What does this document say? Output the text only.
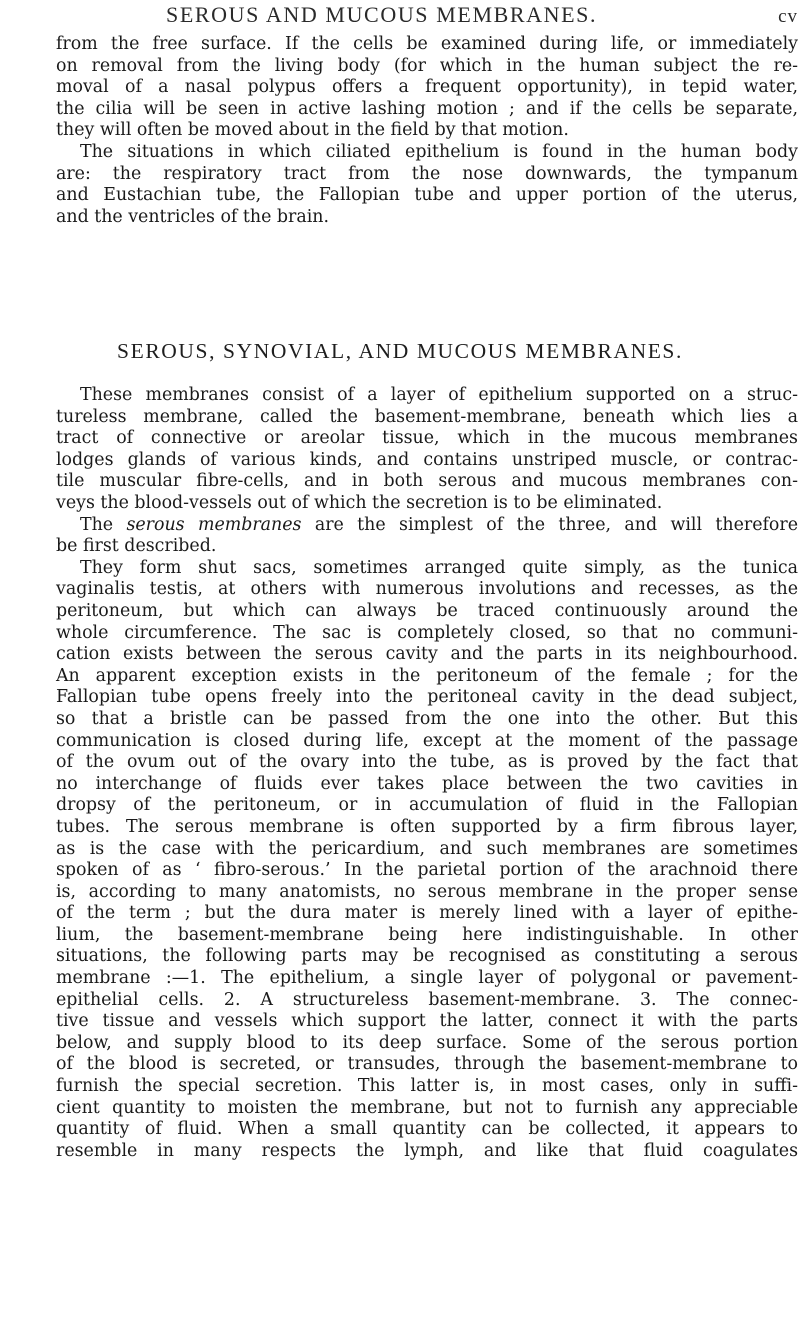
SEROUS AND MUCOUS MEMBRANES.	cv
from the free surface. If the cells be examined during life, or immediately
on removal from the living body (for which in the human subject the re-
moval of a nasal polypus offers a frequent opportunity), in tepid water,
the cilia will be seen in active lashing motion ; and if the cells be separate,
they will often be moved about in the field by that motion.
The situations in which ciliated epithelium is found in the human body
are: the respiratory tract from the nose downwards, the tympanum
and Eustachian tube, the Fallopian tube and upper portion of the uterus,
and the ventricles of the brain.
SEROUS, SYNOVIAL, AND MUCOUS MEMBRANES.
These membranes consist of a layer of epithelium supported on a struc-
tureless membrane, called the basement-membrane, beneath which lies a
tract of connective or areolar tissue, which in the mucous membranes
lodges glands of various kinds, and contains unstriped muscle, or contrac-
tile muscular fibre-cells, and in both serous and mucous membranes con-
veys the blood-vessels out of which the secretion is to be eliminated.
The serous membranes are the simplest of the three, and will therefore
be first described.
They form shut sacs, sometimes arranged quite simply, as the tunica
vaginalis testis, at others with numerous involutions and recesses, as the
peritoneum, but which can always be traced continuously around the
whole circumference. The sac is completely closed, so that no communi-
cation exists between the serous cavity and the parts in its neighbourhood.
An apparent exception exists in the peritoneum of the female ; for the
Fallopian tube opens freely into the peritoneal cavity in the dead subject,
so that a bristle can be passed from the one into the other. But this
communication is closed during life, except at the moment of the passage
of the ovum out of the ovary into the tube, as is proved by the fact that
no interchange of fluids ever takes place between the two cavities in
dropsy of the peritoneum, or in accumulation of fluid in the Fallopian
tubes. The serous membrane is often supported by a firm fibrous layer,
as is the case with the pericardium, and such membranes are sometimes
spoken of as ‘ fibro-serous.’ In the parietal portion of the arachnoid there
is, according to many anatomists, no serous membrane in the proper sense
of the term ; but the dura mater is merely lined with a layer of epithe-
lium, the basement-membrane being here indistinguishable. In other
situations, the following parts may be recognised as constituting a serous
membrane :—1. The epithelium, a single layer of polygonal or pavement-
epithelial cells. 2. A structureless basement-membrane. 3. The connec-
tive tissue and vessels which support the latter, connect it with the parts
below, and supply blood to its deep surface. Some of the serous portion
of the blood is secreted, or transudes, through the basement-membrane to
furnish the special secretion. This latter is, in most cases, only in suffi-
cient quantity to moisten the membrane, but not to furnish any appreciable
quantity of fluid. When a small quantity can be collected, it appears to
resemble in many respects the lymph, and like that fluid coagulates
